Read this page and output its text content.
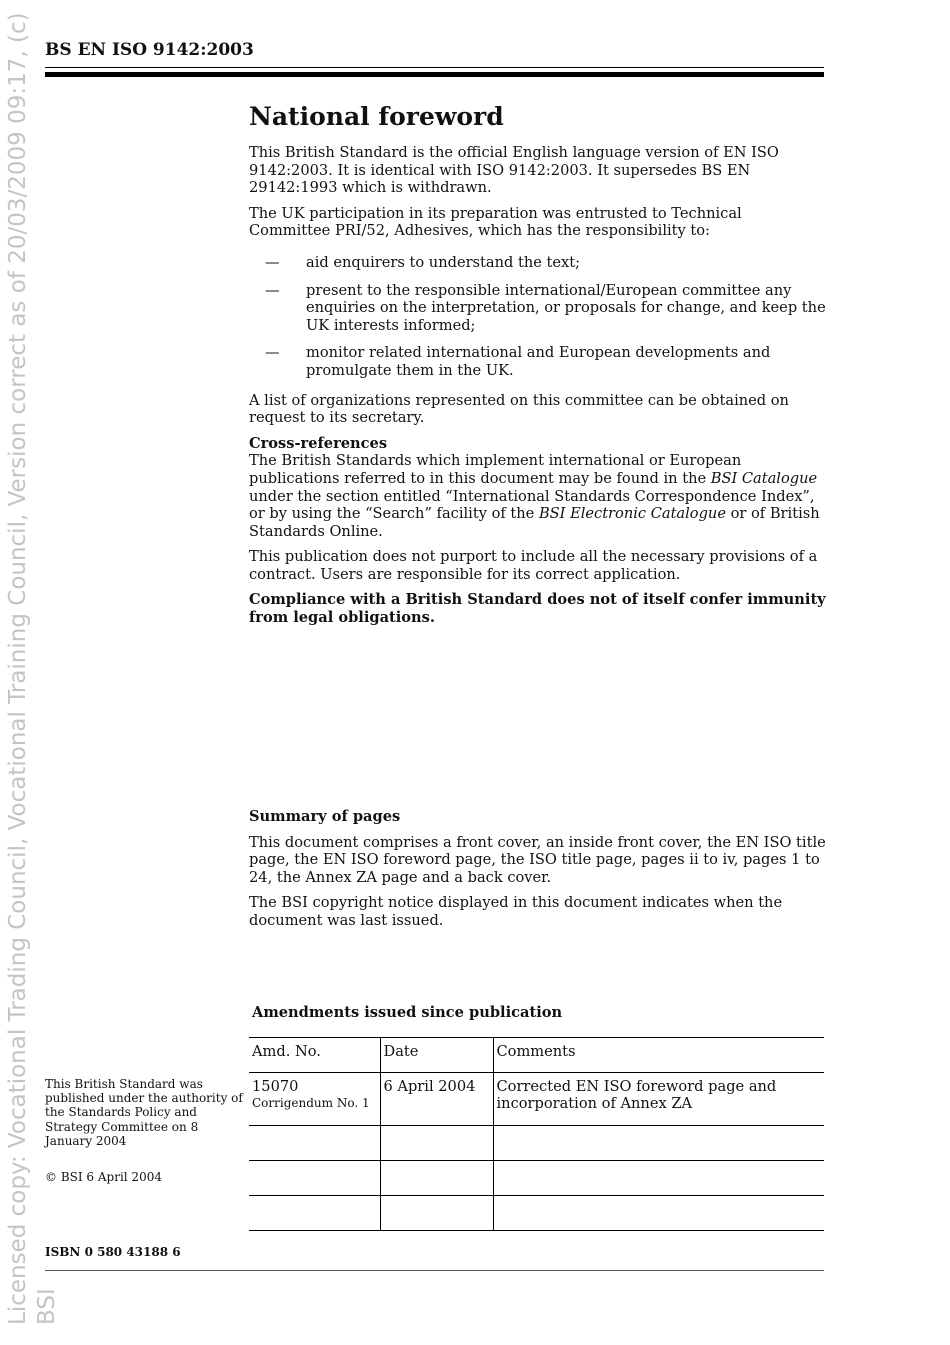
Licensed copy: Vocational Trading Council, Vocational Training Council, Version correct as of 20/03/2009 09:17, (c) BSI
BS EN ISO 9142:2003
National foreword

This British Standard is the official English language version of EN ISO 9142:2003. It is identical with ISO 9142:2003. It supersedes BS EN 29142:1993 which is withdrawn.

The UK participation in its preparation was entrusted to Technical Committee PRI/52, Adhesives, which has the responsibility to:

— aid enquirers to understand the text;
— present to the responsible international/European committee any enquiries on the interpretation, or proposals for change, and keep the UK interests informed;
— monitor related international and European developments and promulgate them in the UK.

A list of organizations represented on this committee can be obtained on request to its secretary.

Cross-references

The British Standards which implement international or European publications referred to in this document may be found in the BSI Catalogue under the section entitled “International Standards Correspondence Index”, or by using the “Search” facility of the BSI Electronic Catalogue or of British Standards Online.

This publication does not purport to include all the necessary provisions of a contract. Users are responsible for its correct application.

Compliance with a British Standard does not of itself confer immunity from legal obligations.

Summary of pages

This document comprises a front cover, an inside front cover, the EN ISO title page, the EN ISO foreword page, the ISO title page, pages ii to iv, pages 1 to 24, the Annex ZA page and a back cover.

The BSI copyright notice displayed in this document indicates when the document was last issued.

Amendments issued since publication
Amd. No.	Date	Comments

15070
Corrigendum No. 1	6 April 2004	Corrected EN ISO foreword page and incorporation of Annex ZA

This British Standard was published under the authority of the Standards Policy and Strategy Committee on 8 January 2004
© BSI 6 April 2004
ISBN 0 580 43188 6
